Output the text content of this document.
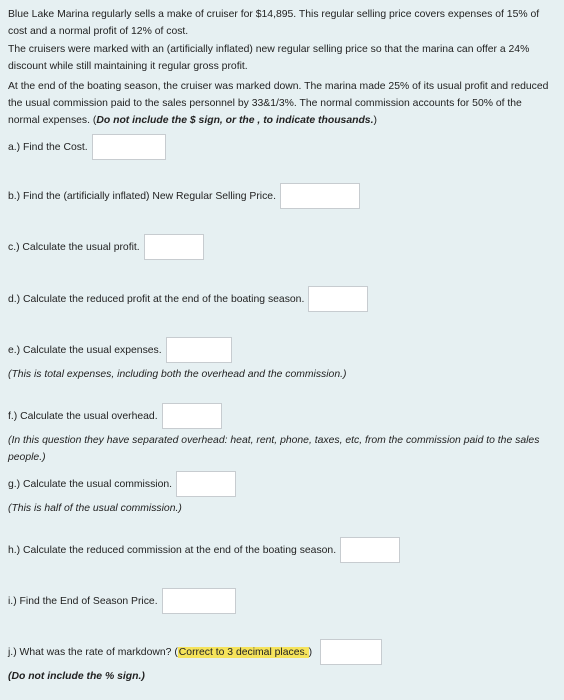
Blue Lake Marina regularly sells a make of cruiser for $14,895. This regular selling price covers expenses of 15% of cost and a normal profit of 12% of cost.

The cruisers were marked with an (artificially inflated) new regular selling price so that the marina can offer a 24% discount while still maintaining it regular gross profit.

At the end of the boating season, the cruiser was marked down. The marina made 25% of its usual profit and reduced the usual commission paid to the sales personnel by 33&1/3%. The normal commission accounts for 50% of the normal expenses. (Do not include the $ sign, or the , to indicate thousands.)

a.) Find the Cost.
b.) Find the (artificially inflated) New Regular Selling Price.
c.) Calculate the usual profit.
d.) Calculate the reduced profit at the end of the boating season.
e.) Calculate the usual expenses.

(This is total expenses, including both the overhead and the commission.)

f.) Calculate the usual overhead.

(In this question they have separated overhead: heat, rent, phone, taxes, etc, from the commission paid to the sales people.)

g.) Calculate the usual commission.

(This is half of the usual commission.)

h.) Calculate the reduced commission at the end of the boating season.
i.) Find the End of Season Price.
j.) What was the rate of markdown? ( Correct to 3 decimal places. )

(Do not include the % sign.)
